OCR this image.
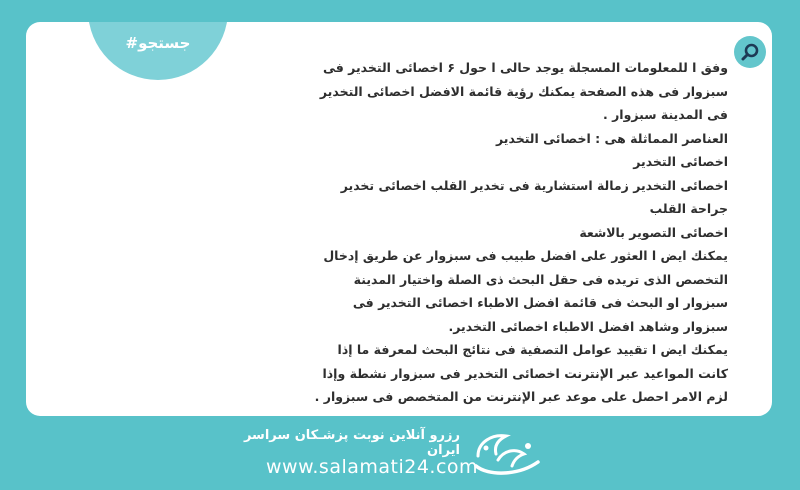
#جستجو

وفق ا للمعلومات المسجلة يوجد حالی ا حول ۶ اخصائی التخدير فی سبزوار فی هذه الصفحة يمكنك رؤية قائمة الافضل اخصائی التخدير فی المدينة سبزوار .

العناصر المماثلة هی : اخصائی التخدير

اخصائی التخدير

اخصائی التخدير زمالة استشارية فی تخدير القلب اخصائی تخدير جراحة القلب

اخصائی التصوير بالاشعة

يمكنك ايض ا العثور علی افضل طبيب فی سبزوار عن طريق إدخال التخصص الذی تريده فی حقل البحث ذی الصلة واختيار المدينة سبزوار او البحث فی قائمة افضل الاطباء اخصائی التخدير فی سبزوار وشاهد افضل الاطباء اخصائی التخدير.

يمكنك ايض ا تقييد عوامل التصفية فی نتائج البحث لمعرفة ما إذا كانت المواعيد عبر الإنترنت اخصائی التخدير فی سبزوار نشطة وإذا لزم الامر احصل علی موعد عبر الإنترنت من المتخصص فی سبزوار .

رزرو آنلاین نوبت پزشـکان سراسر ایران
www.salamati24.com
